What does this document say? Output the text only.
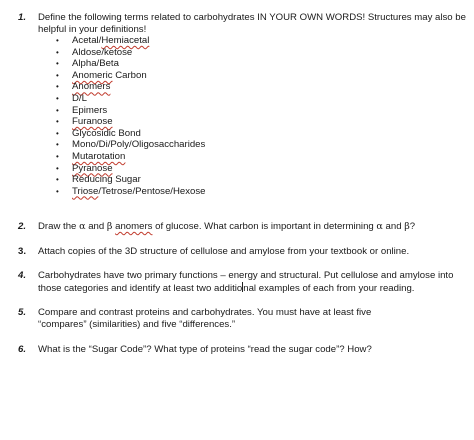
1.	Define the following terms related to carbohydrates IN YOUR OWN WORDS! Structures may also be
helpful in your definitions!
• Acetal/Hemiacetal
• Aldose/ketose
• Alpha/Beta
• Anomeric Carbon
• Anomers
• D/L
• Epimers
• Furanose
• Glycosidic Bond
• Mono/Di/Poly/Oligosaccharides
• Mutarotation
• Pyranose
• Reducing Sugar
• Triose/Tetrose/Pentose/Hexose
2.	Draw the α and β anomers of glucose. What carbon is important in determining α and β?
3.	Attach copies of the 3D structure of cellulose and amylose from your textbook or online.
4.	Carbohydrates have two primary functions – energy and structural. Put cellulose and amylose into
those categories and identify at least two additional examples of each from your reading.
5.	Compare and contrast proteins and carbohydrates. You must have at least five
“compares” (similarities) and five “differences.”
6.	What is the “Sugar Code”? What type of proteins “read the sugar code”? How?
